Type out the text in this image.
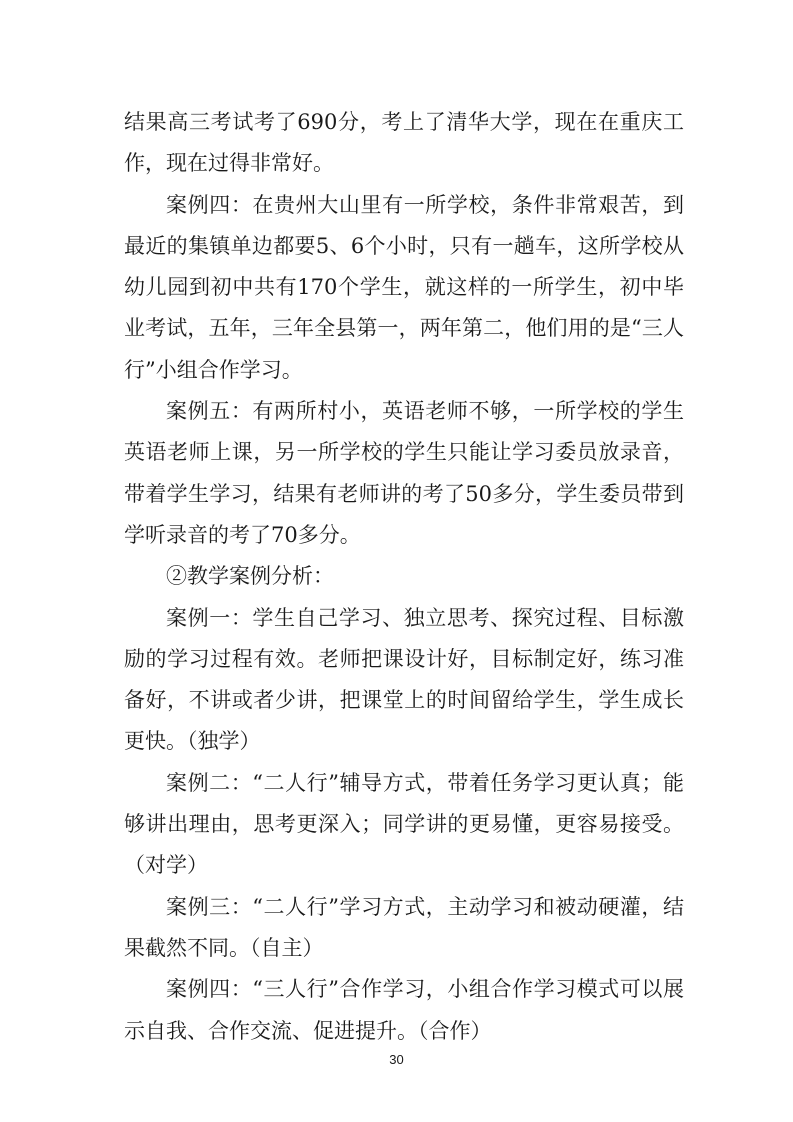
结果高三考试考了690分，考上了清华大学，现在在重庆工作，现在过得非常好。

案例四：在贵州大山里有一所学校，条件非常艰苦，到最近的集镇单边都要5、6个小时，只有一趟车，这所学校从幼儿园到初中共有170个学生，就这样的一所学生，初中毕业考试，五年，三年全县第一，两年第二，他们用的是“三人行”小组合作学习。

案例五：有两所村小，英语老师不够，一所学校的学生英语老师上课，另一所学校的学生只能让学习委员放录音，带着学生学习，结果有老师讲的考了50多分，学生委员带到学听录音的考了70多分。

②教学案例分析：

案例一：学生自己学习、独立思考、探究过程、目标激励的学习过程有效。老师把课设计好，目标制定好，练习准备好，不讲或者少讲，把课堂上的时间留给学生，学生成长更快。（独学）

案例二：“二人行”辅导方式，带着任务学习更认真；能够讲出理由，思考更深入；同学讲的更易懂，更容易接受。（对学）

案例三：“二人行”学习方式，主动学习和被动硬灌，结果截然不同。（自主）

案例四：“三人行”合作学习，小组合作学习模式可以展示自我、合作交流、促进提升。（合作）

30
